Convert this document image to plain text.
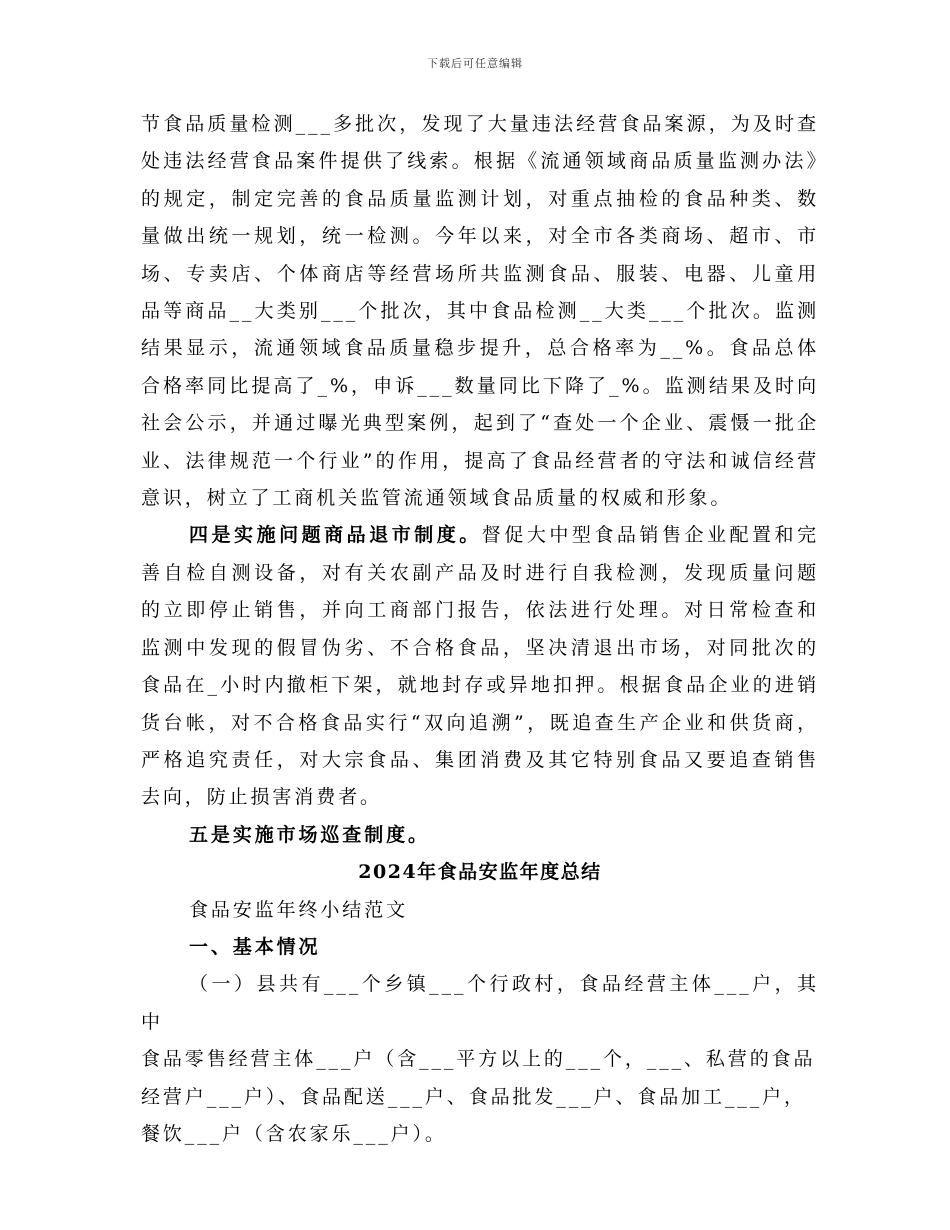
下载后可任意编辑

节食品质量检测___多批次，发现了大量违法经营食品案源，为及时查处违法经营食品案件提供了线索。根据《流通领域商品质量监测办法》的规定，制定完善的食品质量监测计划，对重点抽检的食品种类、数量做出统一规划，统一检测。今年以来，对全市各类商场、超市、市场、专卖店、个体商店等经营场所共监测食品、服装、电器、儿童用品等商品__大类别___个批次，其中食品检测__大类___个批次。监测结果显示，流通领域食品质量稳步提升，总合格率为__%。食品总体合格率同比提高了_%，申诉___数量同比下降了_%。监测结果及时向社会公示，并通过曝光典型案例，起到了“查处一个企业、震慑一批企业、法律规范一个行业”的作用，提高了食品经营者的守法和诚信经营意识，树立了工商机关监管流通领域食品质量的权威和形象。

四是实施问题商品退市制度。督促大中型食品销售企业配置和完善自检自测设备，对有关农副产品及时进行自我检测，发现质量问题的立即停止销售，并向工商部门报告，依法进行处理。对日常检查和监测中发现的假冒伪劣、不合格食品，坚决清退出市场，对同批次的食品在_小时内撤柜下架，就地封存或异地扣押。根据食品企业的进销货台帐，对不合格食品实行“双向追溯”，既追查生产企业和供货商，严格追究责任，对大宗食品、集团消费及其它特别食品又要追查销售去向，防止损害消费者。

五是实施市场巡查制度。

2024年食品安监年度总结

食品安监年终小结范文

一、基本情况

（一）县共有___个乡镇___个行政村，食品经营主体___户，其中

食品零售经营主体___户（含___平方以上的___个，___、私营的食品

经营户___户）、食品配送___户、食品批发___户、食品加工___户，

餐饮___户（含农家乐___户）。
